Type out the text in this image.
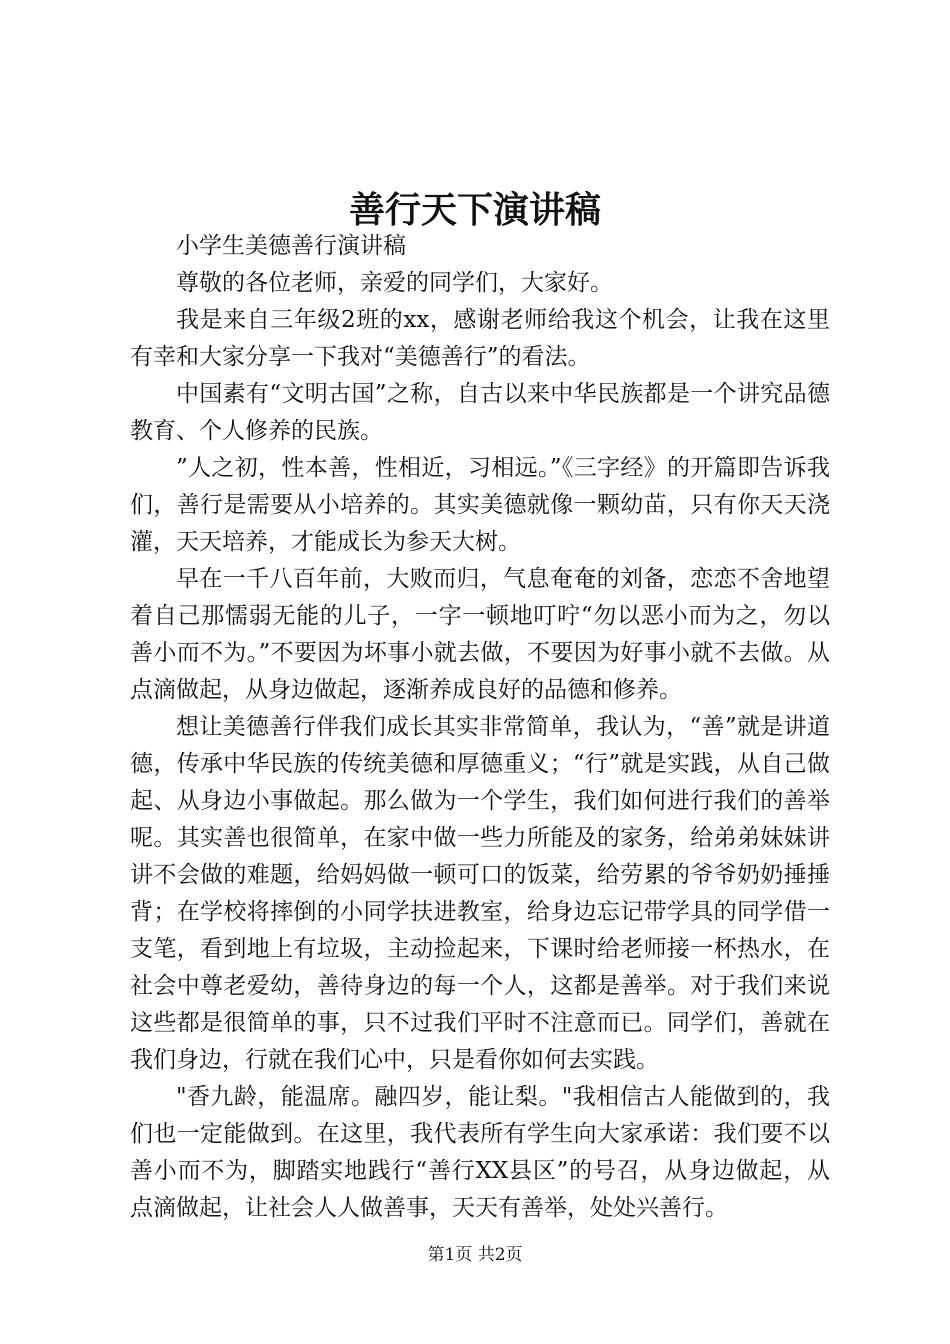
善行天下演讲稿

小学生美德善行演讲稿

尊敬的各位老师，亲爱的同学们，大家好。

我是来自三年级2班的xx，感谢老师给我这个机会，让我在这里有幸和大家分享一下我对“美德善行”的看法。

中国素有“文明古国”之称，自古以来中华民族都是一个讲究品德教育、个人修养的民族。

”人之初，性本善，性相近，习相远。”《三字经》的开篇即告诉我们，善行是需要从小培养的。其实美德就像一颗幼苗，只有你天天浇灌，天天培养，才能成长为参天大树。

早在一千八百年前，大败而归，气息奄奄的刘备，恋恋不舍地望着自己那懦弱无能的儿子，一字一顿地叮咛“勿以恶小而为之，勿以善小而不为。”不要因为坏事小就去做，不要因为好事小就不去做。从点滴做起，从身边做起，逐渐养成良好的品德和修养。

想让美德善行伴我们成长其实非常简单，我认为，“善”就是讲道德，传承中华民族的传统美德和厚德重义；“行”就是实践，从自己做起、从身边小事做起。那么做为一个学生，我们如何进行我们的善举呢。其实善也很简单，在家中做一些力所能及的家务，给弟弟妹妹讲讲不会做的难题，给妈妈做一顿可口的饭菜，给劳累的爷爷奶奶捶捶背；在学校将摔倒的小同学扶进教室，给身边忘记带学具的同学借一支笔，看到地上有垃圾，主动捡起来，下课时给老师接一杯热水，在社会中尊老爱幼，善待身边的每一个人，这都是善举。对于我们来说这些都是很简单的事，只不过我们平时不注意而已。同学们，善就在我们身边，行就在我们心中，只是看你如何去实践。

"香九龄，能温席。融四岁，能让梨。"我相信古人能做到的，我们也一定能做到。在这里，我代表所有学生向大家承诺：我们要不以善小而不为，脚踏实地践行“善行XX县区”的号召，从身边做起，从点滴做起，让社会人人做善事，天天有善举，处处兴善行。

第1页 共2页
